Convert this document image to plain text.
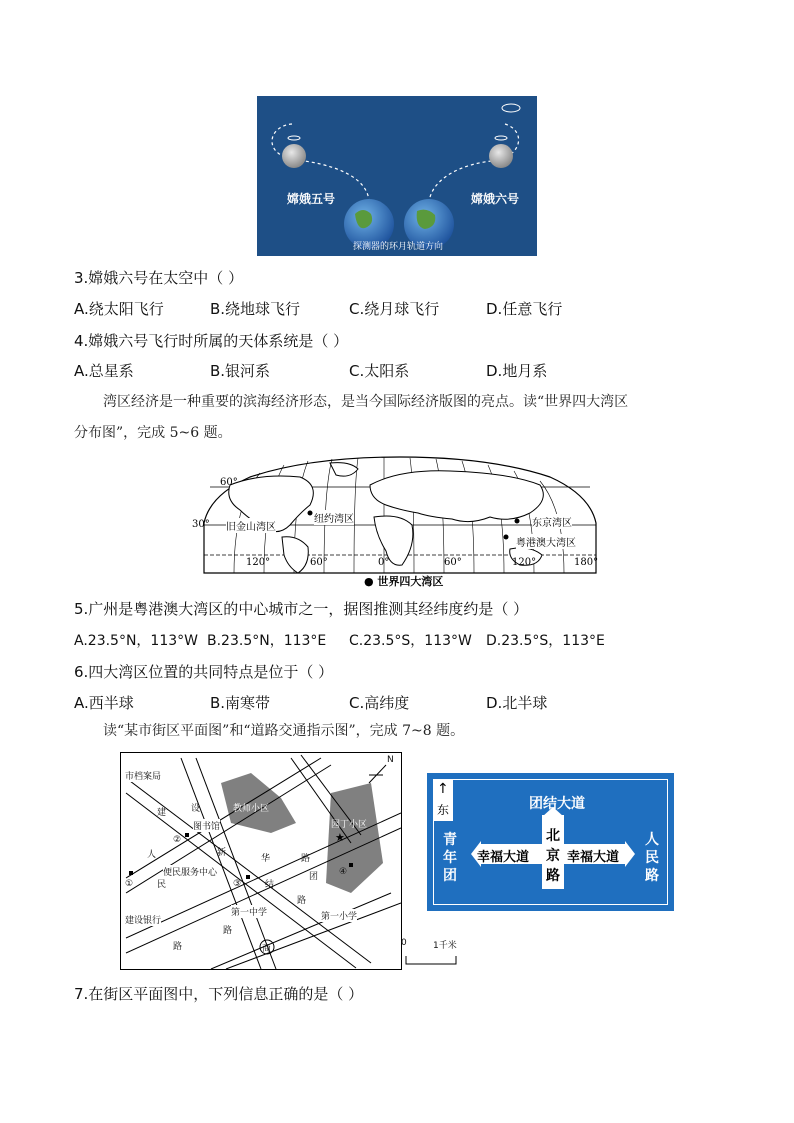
嫦娥五号	嫦娥六号
探测器的环月轨道方向
3.嫦娥六号在太空中（ ）
A.绕太阳飞行	B.绕地球飞行	C.绕月球飞行	D.任意飞行
4.嫦娥六号飞行时所属的天体系统是（ ）
A.总星系	B.银河系	C.太阳系	D.地月系
湾区经济是一种重要的滨海经济形态，是当今国际经济版图的亮点。读“世界四大湾区
分布图”，完成 5~6 题。
60°
30°
120°	60°	0°	60°	120°	180°
旧金山湾区
纽约湾区	东京湾区
粤港澳大湾区
● 世界四大湾区
5.广州是粤港澳大湾区的中心城市之一，据图推测其经纬度约是（ ）
A.23.5°N，113°W B.23.5°N，113°E C.23.5°S，113°W D.23.5°S，113°E
6.四大湾区位置的共同特点是位于（ ）
A.西半球	B.南寒带	C.高纬度	D.北半球
读“某市街区平面图”和“道路交通指示图”，完成 7~8 题。
★
N
市档案局
教师小区
图书馆	园丁小区
便民服务中心
第一中学	第一小学
建设银行
商
①
②
③
④
建	设
路
新
华	路
团
结
路
人
民
路	0	1千米
↑
东	团结大道
北
京
路
幸福大道	幸福大道
青
年
团
人
民
路
7.在街区平面图中，下列信息正确的是（ ）
